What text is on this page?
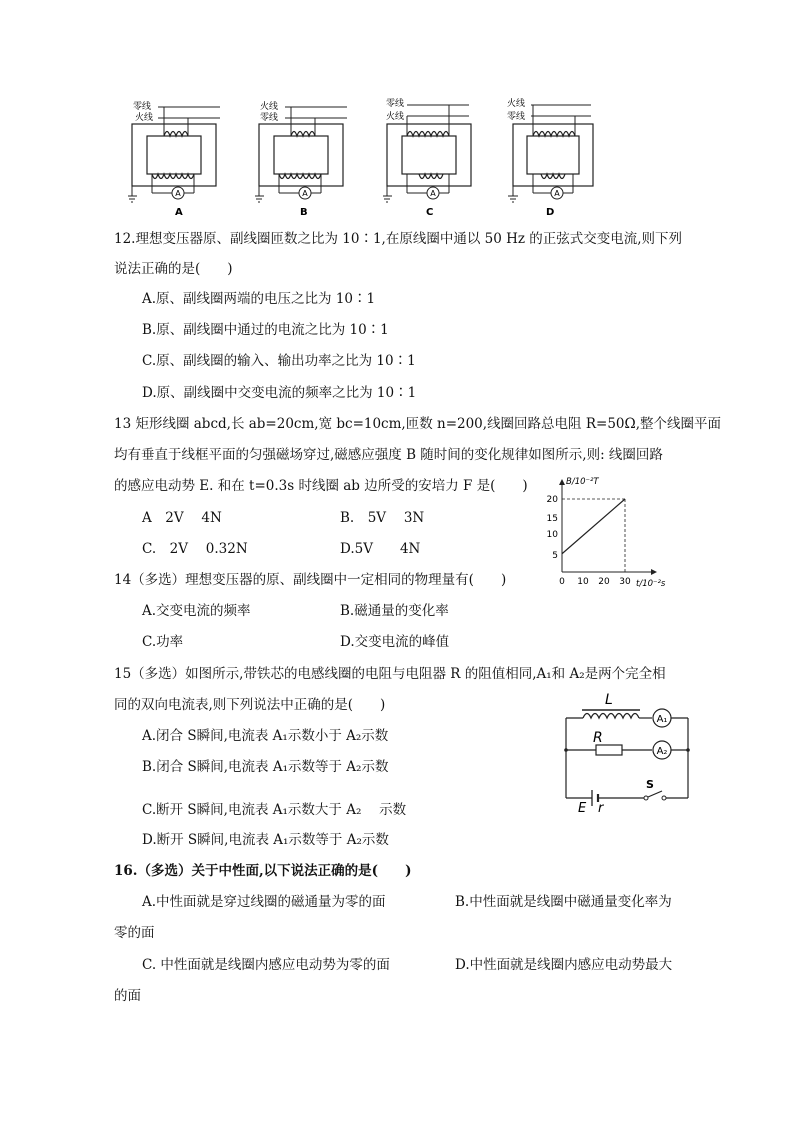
A
零线
火线
A
A
火线
零线
B
A
零线
火线
C
A
火线
零线
D
12.理想变压器原、副线圈匝数之比为 10∶1,在原线圈中通以 50 Hz 的正弦式交变电流,则下列
说法正确的是(　　)
A.原、副线圈两端的电压之比为 10∶1
B.原、副线圈中通过的电流之比为 10∶1
C.原、副线圈的输入、输出功率之比为 10∶1
D.原、副线圈中交变电流的频率之比为 10∶1
13 矩形线圈 abcd,长 ab=20cm,宽 bc=10cm,匝数 n=200,线圈回路总电阻 R=50Ω,整个线圈平面
均有垂直于线框平面的匀强磁场穿过,磁感应强度 B 随时间的变化规律如图所示,则: 线圈回路
的感应电动势 E. 和在 t=0.3s 时线圈 ab 边所受的安培力 F 是(　　)
A　2V　 4N	B.　5V　 3N
C.　2V　 0.32N	D.5V　　4N
B/10⁻²T
t/10⁻²s
5
10
15
20
0 10 20 30
14（多选）理想变压器的原、副线圈中一定相同的物理量有(　　)
A.交变电流的频率	B.磁通量的变化率
C.功率	D.交变电流的峰值
15（多选）如图所示,带铁芯的电感线圈的电阻与电阻器 R 的阻值相同,A₁和 A₂是两个完全相
同的双向电流表,则下列说法中正确的是(　　)
A.闭合 S瞬间,电流表 A₁示数小于 A₂示数
B.闭合 S瞬间,电流表 A₁示数等于 A₂示数
C.断开 S瞬间,电流表 A₁示数大于 A₂　 示数
D.断开 S瞬间,电流表 A₁示数等于 A₂示数
A₁
L
A₂
R
S
E r
16.（多选）关于中性面,以下说法正确的是(　　)
A.中性面就是穿过线圈的磁通量为零的面	B.中性面就是线圈中磁通量变化率为
零的面
C. 中性面就是线圈内感应电动势为零的面	D.中性面就是线圈内感应电动势最大
的面
